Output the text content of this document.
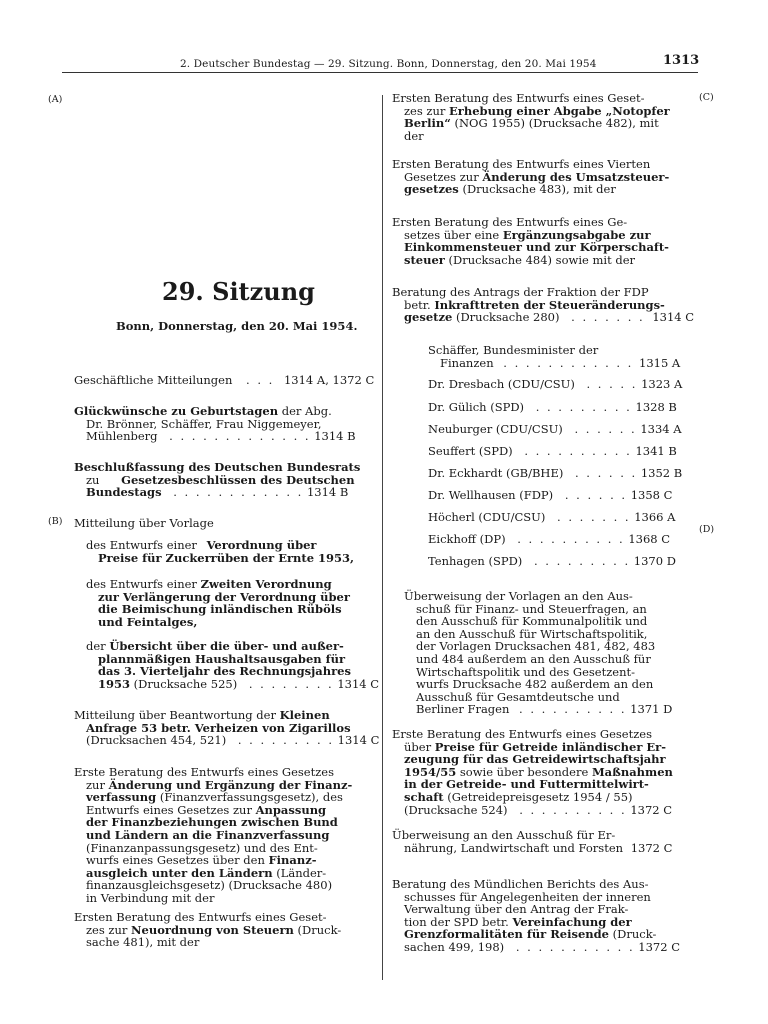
2. Deutscher Bundestag — 29. Sitzung. Bonn, Donnerstag, den 20. Mai 1954	1313
(A)
(B)
(C)
(D)
29. Sitzung
Bonn, Donnerstag, den 20. Mai 1954.
Geschäftliche Mitteilungen . . . 1314 A, 1372 C
Glückwünsche zu Geburtstagen der Abg.
Dr. Brönner, Schäffer, Frau Niggemeyer,
Mühlenberg . . . . . . . . . . . . . 1314 B
Beschlußfassung des Deutschen Bundesrats
zu Gesetzesbeschlüssen des Deutschen
Bundestags . . . . . . . . . . . . 1314 B
Mitteilung über Vorlage
des Entwurfs einer Verordnung über
Preise für Zuckerrüben der Ernte 1953,
des Entwurfs einer Zweiten Verordnung
zur Verlängerung der Verordnung über
die Beimischung inländischen Rüböls
und Feintalges,
der Übersicht über die über- und außer-
plannmäßigen Haushaltsausgaben für
das 3. Vierteljahr des Rechnungsjahres
1953 (Drucksache 525) . . . . . . . . 1314 C
Mitteilung über Beantwortung der Kleinen
Anfrage 53 betr. Verheizen von Zigarillos
(Drucksachen 454, 521) . . . . . . . . . 1314 C
Erste Beratung des Entwurfs eines Gesetzes
zur Änderung und Ergänzung der Finanz-
verfassung (Finanzverfassungsgesetz), des
Entwurfs eines Gesetzes zur Anpassung
der Finanzbeziehungen zwischen Bund
und Ländern an die Finanzverfassung
(Finanzanpassungsgesetz) und des Ent-
wurfs eines Gesetzes über den Finanz-
ausgleich unter den Ländern (Länder-
finanzausgleichsgesetz) (Drucksache 480)
in Verbindung mit der
Ersten Beratung des Entwurfs eines Geset-
zes zur Neuordnung von Steuern (Druck-
sache 481), mit der
Ersten Beratung des Entwurfs eines Geset-
zes zur Erhebung einer Abgabe „Notopfer
Berlin“ (NOG 1955) (Drucksache 482), mit
der
Ersten Beratung des Entwurfs eines Vierten
Gesetzes zur Änderung des Umsatzsteuer-
gesetzes (Drucksache 483), mit der
Ersten Beratung des Entwurfs eines Ge-
setzes über eine Ergänzungsabgabe zur
Einkommensteuer und zur Körperschaft-
steuer (Drucksache 484) sowie mit der
Beratung des Antrags der Fraktion der FDP
betr. Inkrafttreten der Steueränderungs-
gesetze (Drucksache 280) . . . . . . . 1314 C
Schäffer, Bundesminister der
Finanzen . . . . . . . . . . . . 1315 A
Dr. Dresbach (CDU/CSU) . . . . . 1323 A
Dr. Gülich (SPD) . . . . . . . . . 1328 B
Neuburger (CDU/CSU) . . . . . . 1334 A
Seuffert (SPD) . . . . . . . . . . 1341 B
Dr. Eckhardt (GB/BHE) . . . . . . 1352 B
Dr. Wellhausen (FDP) . . . . . . 1358 C
Höcherl (CDU/CSU) . . . . . . . 1366 A
Eickhoff (DP) . . . . . . . . . . 1368 C
Tenhagen (SPD) . . . . . . . . . 1370 D
Überweisung der Vorlagen an den Aus-
schuß für Finanz- und Steuerfragen, an
den Ausschuß für Kommunalpolitik und
an den Ausschuß für Wirtschaftspolitik,
der Vorlagen Drucksachen 481, 482, 483
und 484 außerdem an den Ausschuß für
Wirtschaftspolitik und des Gesetzent-
wurfs Drucksache 482 außerdem an den
Ausschuß für Gesamtdeutsche und
Berliner Fragen . . . . . . . . . . 1371 D
Erste Beratung des Entwurfs eines Gesetzes
über Preise für Getreide inländischer Er-
zeugung für das Getreidewirtschaftsjahr
1954/55 sowie über besondere Maßnahmen
in der Getreide- und Futtermittelwirt-
schaft (Getreidepreisgesetz 1954 / 55)
(Drucksache 524) . . . . . . . . . . 1372 C
Überweisung an den Ausschuß für Er-
nährung, Landwirtschaft und Forsten 1372 C
Beratung des Mündlichen Berichts des Aus-
schusses für Angelegenheiten der inneren
Verwaltung über den Antrag der Frak-
tion der SPD betr. Vereinfachung der
Grenzformalitäten für Reisende (Druck-
sachen 499, 198) . . . . . . . . . . . 1372 C
